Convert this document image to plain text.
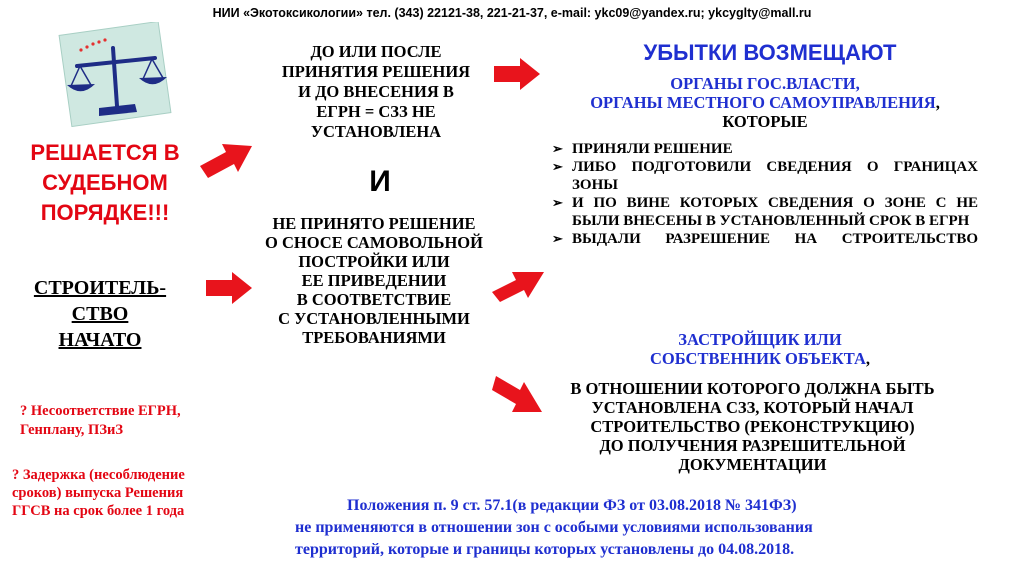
НИИ «Экотоксикологии» тел. (343) 22121-38, 221-21-37, e-mail: ykc09@yandex.ru; ykcyglty@mall.ru
РЕШАЕТСЯ В
СУДЕБНОМ
ПОРЯДКЕ!!!
СТРОИТЕЛЬ-
СТВО
НАЧАТО
? Несоответствие ЕГРН,
Генплану, ПЗиЗ
? Задержка (несоблюдение
сроков) выпуска Решения
ГГСВ на срок более 1 года
ДО ИЛИ ПОСЛЕ
ПРИНЯТИЯ РЕШЕНИЯ
И ДО ВНЕСЕНИЯ В
ЕГРН = СЗЗ НЕ
УСТАНОВЛЕНА
И
НЕ ПРИНЯТО РЕШЕНИЕ
О СНОСЕ САМОВОЛЬНОЙ
ПОСТРОЙКИ ИЛИ
ЕЕ ПРИВЕДЕНИИ
В СООТВЕТСТВИЕ
С УСТАНОВЛЕННЫМИ
ТРЕБОВАНИЯМИ
УБЫТКИ ВОЗМЕЩАЮТ
ОРГАНЫ ГОС.ВЛАСТИ,
ОРГАНЫ МЕСТНОГО САМОУПРАВЛЕНИЯ,
КОТОРЫЕ
➢ ПРИНЯЛИ РЕШЕНИЕ
➢ ЛИБО ПОДГОТОВИЛИ СВЕДЕНИЯ О ГРАНИЦАХ ЗОНЫ
➢ И ПО ВИНЕ КОТОРЫХ СВЕДЕНИЯ О ЗОНЕ С НЕ БЫЛИ ВНЕСЕНЫ В УСТАНОВЛЕННЫЙ СРОК В ЕГРН
➢ ВЫДАЛИ РАЗРЕШЕНИЕ НА СТРОИТЕЛЬСТВО
ЗАСТРОЙЩИК ИЛИ
СОБСТВЕННИК ОБЪЕКТА,
В ОТНОШЕНИИ КОТОРОГО ДОЛЖНА БЫТЬ
УСТАНОВЛЕНА СЗЗ, КОТОРЫЙ НАЧАЛ
СТРОИТЕЛЬСТВО (РЕКОНСТРУКЦИЮ)
ДО ПОЛУЧЕНИЯ РАЗРЕШИТЕЛЬНОЙ
ДОКУМЕНТАЦИИ
Положения п. 9 ст. 57.1(в редакции ФЗ от 03.08.2018 № 341ФЗ)
не применяются в отношении зон с особыми условиями использования
территорий, которые и границы которых установлены до 04.08.2018.
